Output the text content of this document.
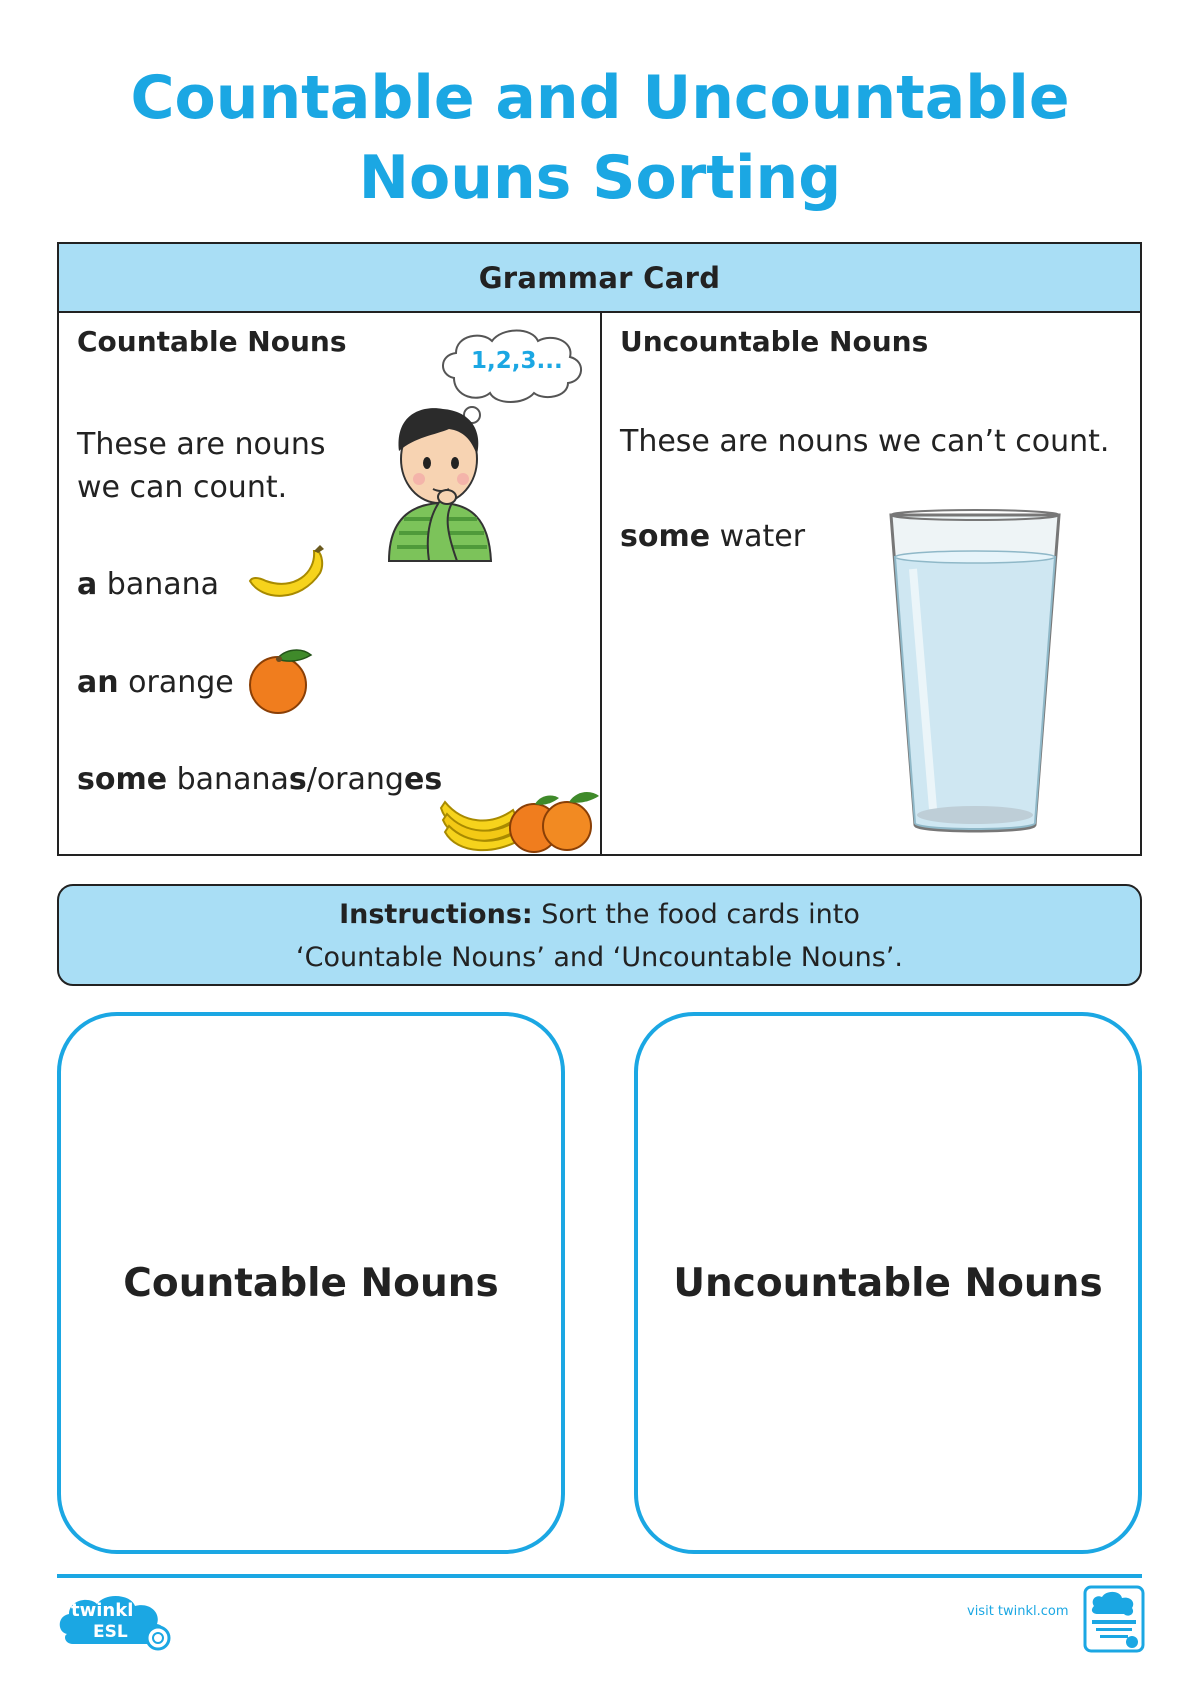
Countable and Uncountable
Nouns Sorting
Grammar Card
Countable Nouns
These are nouns
we can count.
a banana
an orange
some bananas/oranges
1,2,3...
Uncountable Nouns
These are nouns we can’t count.
some water
Instructions: Sort the food cards into
‘Countable Nouns’ and ‘Uncountable Nouns’.
Countable Nouns	Uncountable Nouns
twinkl
ESL
visit twinkl.com
